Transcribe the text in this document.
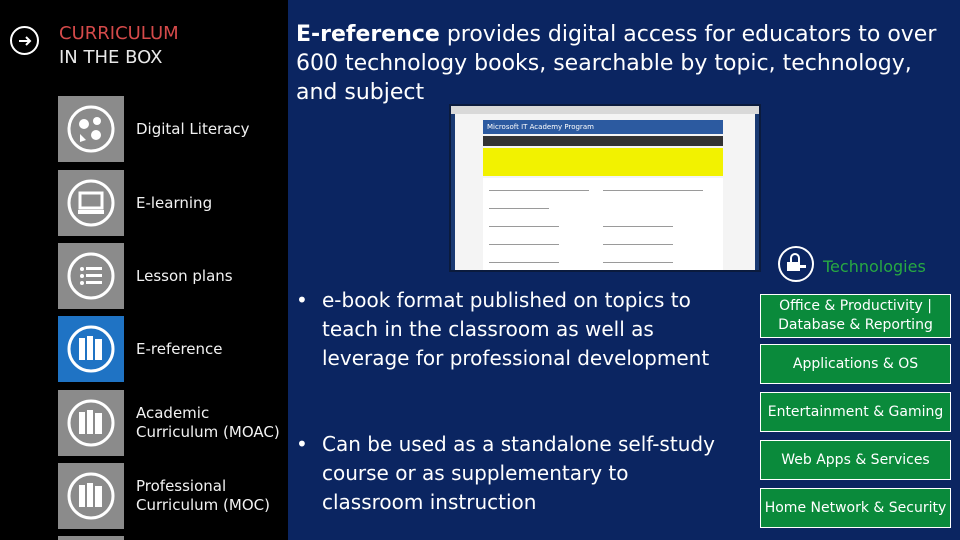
CURRICULUM
IN THE BOX
Digital Literacy
E-learning
Lesson plans
E-reference
Academic
Curriculum (MOAC)
Professional
Curriculum (MOC)
E-reference provides digital access for educators to over 600 technology books, searchable by topic, technology, and subject
Microsoft IT Academy Program
• e-book format published on topics to teach in the classroom as well as leverage for professional development
• Can be used as a standalone self-study course or as supplementary to classroom instruction
Technologies
Office & Productivity | Database & Reporting
Applications & OS
Entertainment & Gaming
Web Apps & Services
Home Network & Security
